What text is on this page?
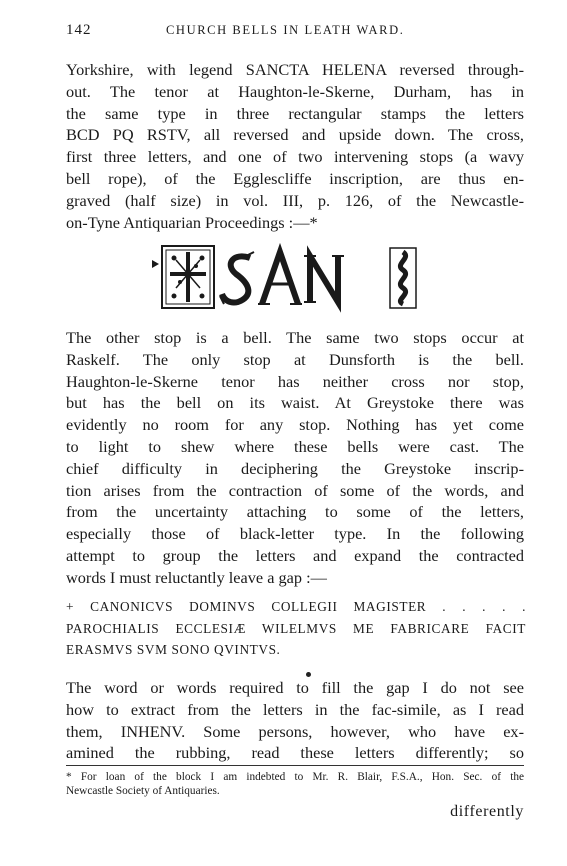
142	CHURCH BELLS IN LEATH WARD.
Yorkshire, with legend SANCTA HELENA reversed through-
out. The tenor at Haughton-le-Skerne, Durham, has in
the same type in three rectangular stamps the letters
BCD PQ RSTV, all reversed and upside down. The cross,
first three letters, and one of two intervening stops (a wavy
bell rope), of the Egglescliffe inscription, are thus en-
graved (half size) in vol. III, p. 126, of the Newcastle-
on-Tyne Antiquarian Proceedings :—*
The other stop is a bell. The same two stops occur at
Raskelf. The only stop at Dunsforth is the bell.
Haughton-le-Skerne tenor has neither cross nor stop,
but has the bell on its waist. At Greystoke there was
evidently no room for any stop. Nothing has yet come
to light to shew where these bells were cast. The
chief difficulty in deciphering the Greystoke inscrip-
tion arises from the contraction of some of the words, and
from the uncertainty attaching to some of the letters,
especially those of black-letter type. In the following
attempt to group the letters and expand the contracted
words I must reluctantly leave a gap :—
+ CANONICVS DOMINVS COLLEGII MAGISTER . . . . .
PAROCHIALIS ECCLESIÆ WILELMVS ME FABRICARE FACIT
ERASMVS SVM SONO QVINTVS.
The word or words required to fill the gap I do not see
how to extract from the letters in the fac-simile, as I read
them, INHENV. Some persons, however, who have ex-
amined the rubbing, read these letters differently; so
* For loan of the block I am indebted to Mr. R. Blair, F.S.A., Hon. Sec. of the
Newcastle Society of Antiquaries.
differently
